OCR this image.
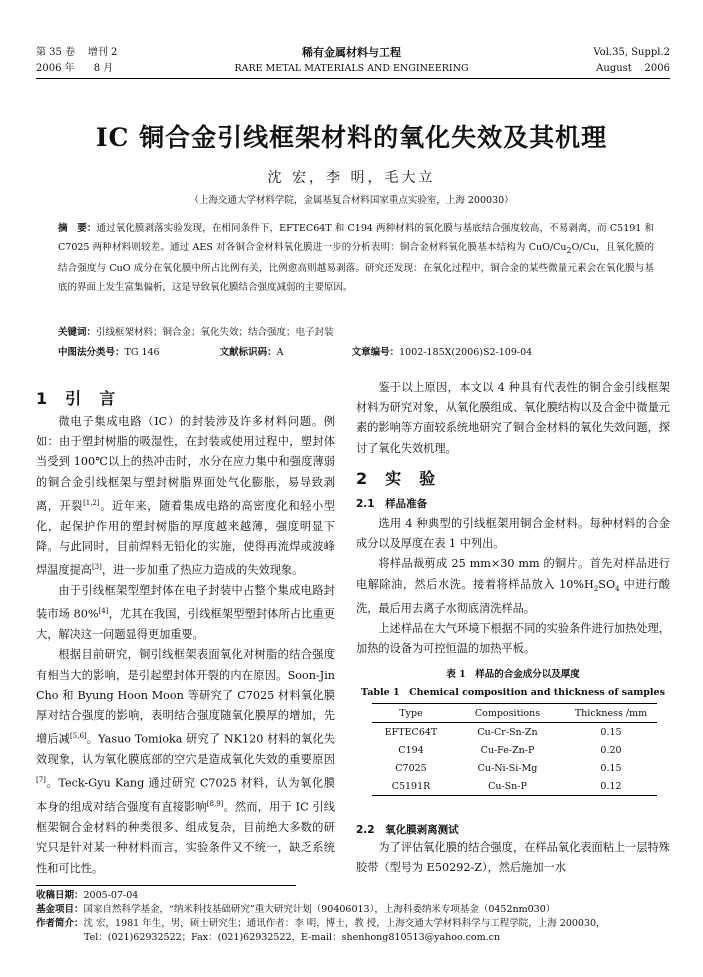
第 35 卷 增刊 2
2006 年 8 月
稀有金属材料与工程
RARE METAL MATERIALS AND ENGINEERING
Vol.35, Suppl.2
August    2006
IC 铜合金引线框架材料的氧化失效及其机理
沈 宏，李 明，毛大立
（上海交通大学材料学院，金属基复合材料国家重点实验室，上海 200030）
摘　要：通过氧化膜剥落实验发现，在相同条件下，EFTEC64T 和 C194 两种材料的氧化膜与基底结合强度较高，不易剥离，而 C5191 和 C7025 两种材料则较差。通过 AES 对各铜合金材料氧化膜进一步的分析表明：铜合金材料氧化膜基本结构为 CuO/$Cu_2O/Cu$，且氧化膜的结合强度与 CuO 成分在氧化膜中所占比例有关，比例愈高则越易剥落。研究还发现：在氧化过程中，铜合金的某些微量元素会在氧化膜与基底的界面上发生富集偏析，这是导致氧化膜结合强度减弱的主要原因。
关键词：引线框架材料；铜合金；氧化失效；结合强度；电子封装
中图法分类号：TG 146	文献标识码：A	文章编号：1002-185X(2006)S2-109-04
1　引　言

微电子集成电路（IC）的封装涉及许多材料问题。例如：由于塑封树脂的吸湿性，在封装或使用过程中，塑封体当受到 100℃以上的热冲击时，水分在应力集中和强度薄弱的铜合金引线框架与塑封树脂界面处气化膨胀，易导致剥离，开裂[1,2]。近年来，随着集成电路的高密度化和轻小型化，起保护作用的塑封树脂的厚度越来越薄，强度明显下降。与此同时，目前焊料无铅化的实施，使得再流焊或波峰焊温度提高[3]，进一步加重了热应力造成的失效现象。

由于引线框架型塑封体在电子封装中占整个集成电路封装市场 80%[4]，尤其在我国，引线框架型塑封体所占比重更大，解决这一问题显得更加重要。

根据目前研究，铜引线框架表面氧化对树脂的结合强度有相当大的影响，是引起塑封体开裂的内在原因。Soon-Jin Cho 和 Byung Hoon Moon 等研究了 C7025 材料氧化膜厚对结合强度的影响，表明结合强度随氧化膜厚的增加，先增后减[5,6]。Yasuo Tomioka 研究了 NK120 材料的氧化失效现象，认为氧化膜底部的空穴是造成氧化失效的重要原因[7]。Teck-Gyu Kang 通过研究 C7025 材料，认为氧化膜本身的组成对结合强度有直接影响[8,9]。然而，用于 IC 引线框架铜合金材料的种类很多、组成复杂，目前绝大多数的研究只是针对某一种材料而言，实验条件又不统一，缺乏系统性和可比性。

鉴于以上原因，本文以 4 种具有代表性的铜合金引线框架材料为研究对象，从氧化膜组成、氧化膜结构以及合金中微量元素的影响等方面较系统地研究了铜合金材料的氧化失效问题，探讨了氧化失效机理。

2　实　验
2.1　样品准备

选用 4 种典型的引线框架用铜合金材料。每种材料的合金成分以及厚度在表 1 中列出。

将样品裁剪成 25 mm×30 mm 的铜片。首先对样品进行电解除油，然后水洗。接着将样品放入 $10\%H_2SO_4$ 中进行酸洗，最后用去离子水彻底清洗样品。

上述样品在大气环境下根据不同的实验条件进行加热处理，加热的设备为可控恒温的加热平板。

表 1　样品的合金成分以及厚度
Table 1　Chemical composition and thickness of samples
Type	Compositions	Thickness /mm
EFTEC64T	Cu-Cr-Sn-Zn	0.15
C194	Cu-Fe-Zn-P	0.20
C7025	Cu-Ni-Si-Mg	0.15
C5191R	Cu-Sn-P	0.12
2.2　氧化膜剥离测试

为了评估氧化膜的结合强度，在样品氧化表面粘上一层特殊胶带（型号为 E50292-Z），然后施加一水

收稿日期：2005-07-04
基金项目：国家自然科学基金，“纳米科技基础研究”重大研究计划（90406013），上海科委纳米专项基金（0452nm030）
作者简介：沈 宏，1981 年生，男，硕士研究生；通讯作者：李 明，博士，教 授，上海交通大学材料科学与工程学院，上海 200030，
Tel：(021)62932522；Fax：(021)62932522，E-mail：shenhong810513@yahoo.com.cn
